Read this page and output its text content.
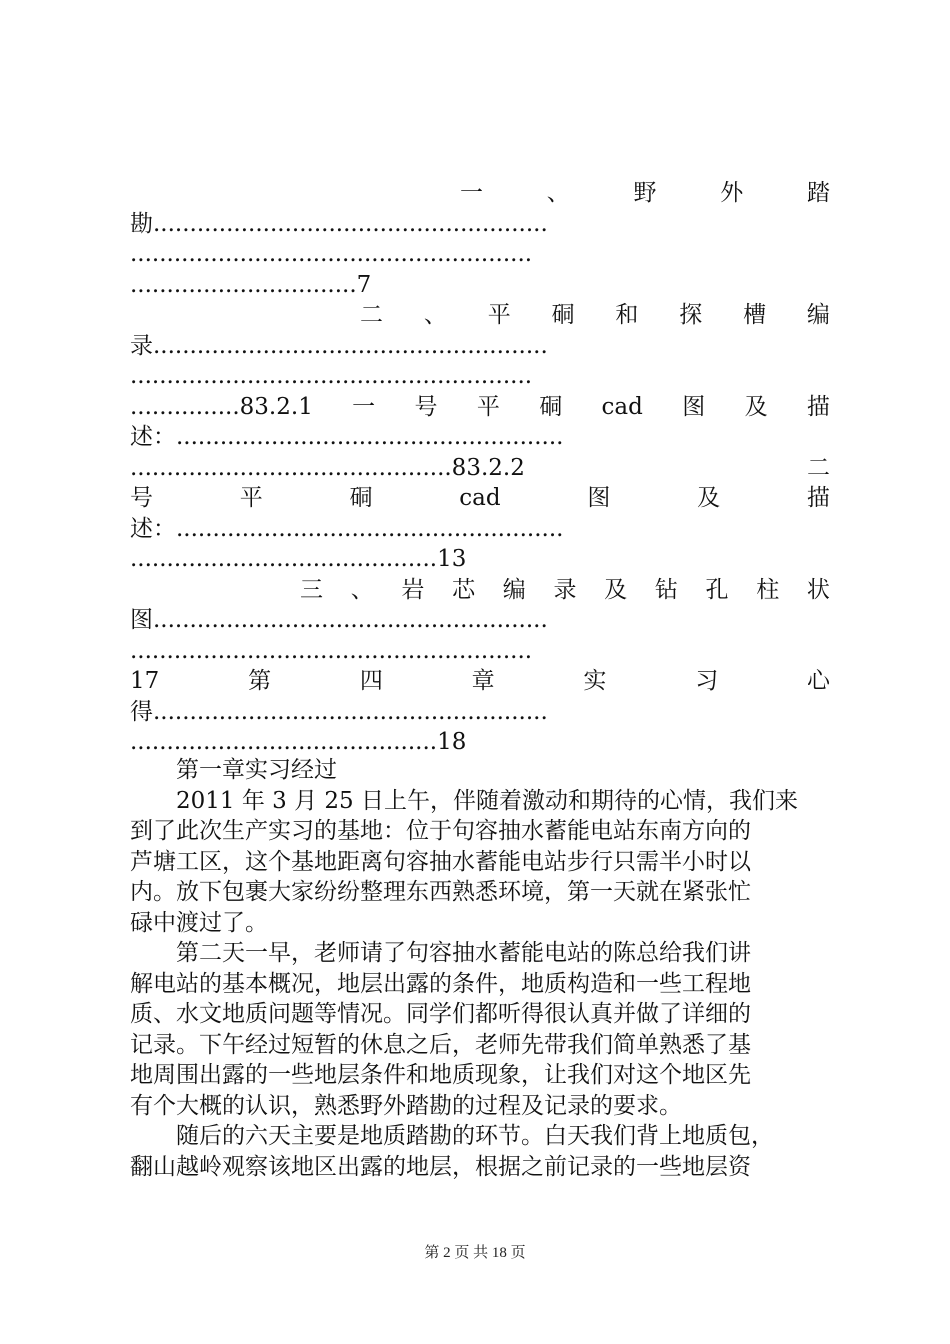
一	、	野	外	踏
勘......................................................
.......................................................
...............................7
二 、 平 硐 和 探 槽 编
录......................................................
.......................................................
...............83.2.1 一 号 平 硐 cad 图 及 描
述：.....................................................
............................................83.2.2	二
号	平	硐	cad	图	及	描
述：.....................................................
..........................................13
三 、 岩 芯 编 录 及 钻 孔 柱 状
图......................................................
.......................................................
17	第	四	章	实	习	心
得......................................................
..........................................18
第一章实习经过
　　2011 年 3 月 25 日上午，伴随着激动和期待的心情，我们来
到了此次生产实习的基地：位于句容抽水蓄能电站东南方向的
芦塘工区，这个基地距离句容抽水蓄能电站步行只需半小时以
内。放下包裹大家纷纷整理东西熟悉环境，第一天就在紧张忙
碌中渡过了。
　　第二天一早，老师请了句容抽水蓄能电站的陈总给我们讲
解电站的基本概况，地层出露的条件，地质构造和一些工程地
质、水文地质问题等情况。同学们都听得很认真并做了详细的
记录。下午经过短暂的休息之后，老师先带我们简单熟悉了基
地周围出露的一些地层条件和地质现象，让我们对这个地区先
有个大概的认识，熟悉野外踏勘的过程及记录的要求。
　　随后的六天主要是地质踏勘的环节。白天我们背上地质包，
翻山越岭观察该地区出露的地层，根据之前记录的一些地层资
第 2 页 共 18 页
